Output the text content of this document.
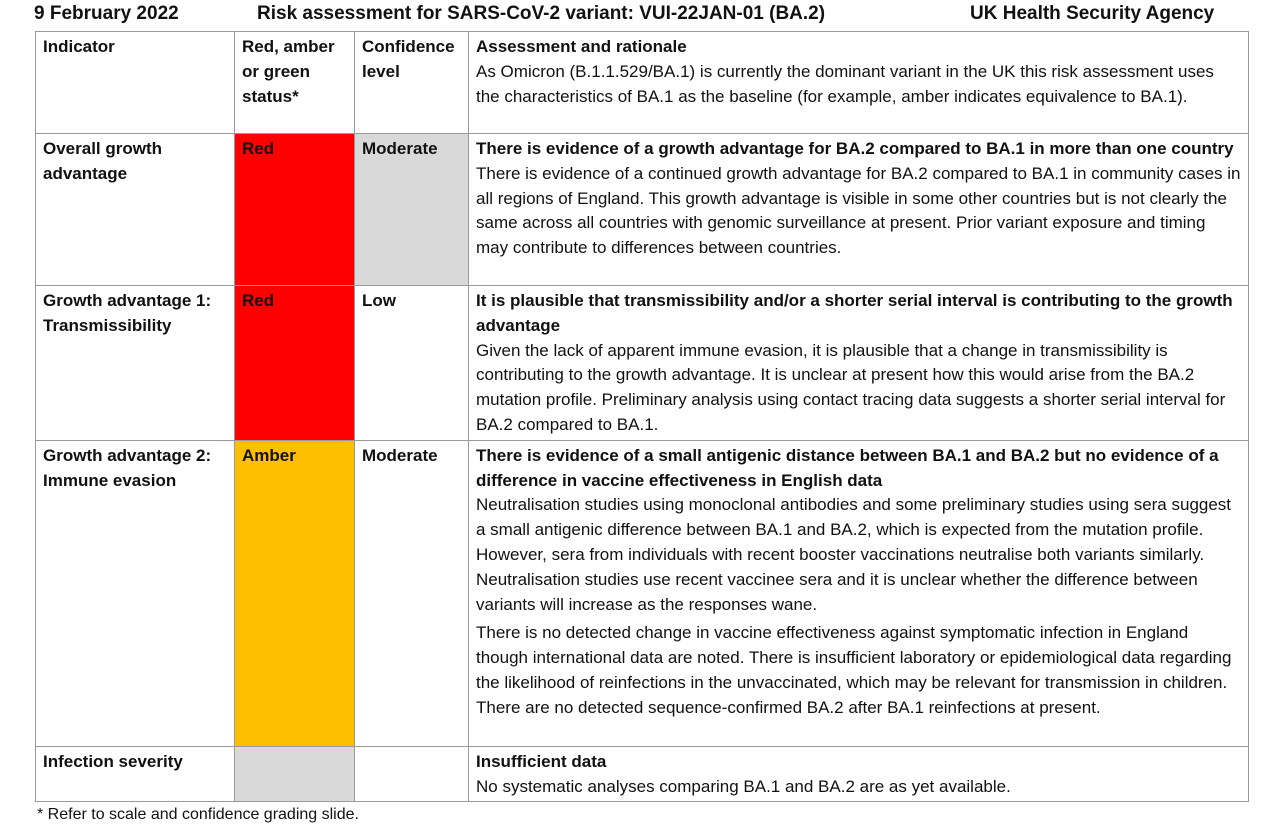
9 February 2022	Risk assessment for SARS-CoV-2 variant: VUI-22JAN-01 (BA.2)	UK Health Security Agency
Indicator	Red, amber or green status*	Confidence level	Assessment and rationale
As Omicron (B.1.1.529/BA.1) is currently the dominant variant in the UK this risk assessment uses the characteristics of BA.1 as the baseline (for example, amber indicates equivalence to BA.1).

Overall growth advantage	Red	Moderate	There is evidence of a growth advantage for BA.2 compared to BA.1 in more than one country
There is evidence of a continued growth advantage for BA.2 compared to BA.1 in community cases in all regions of England. This growth advantage is visible in some other countries but is not clearly the same across all countries with genomic surveillance at present. Prior variant exposure and timing may contribute to differences between countries.

Growth advantage 1: Transmissibility	Red	Low	It is plausible that transmissibility and/or a shorter serial interval is contributing to the growth advantage
Given the lack of apparent immune evasion, it is plausible that a change in transmissibility is contributing to the growth advantage. It is unclear at present how this would arise from the BA.2 mutation profile. Preliminary analysis using contact tracing data suggests a shorter serial interval for BA.2 compared to BA.1.

Growth advantage 2: Immune evasion	Amber	Moderate	There is evidence of a small antigenic distance between BA.1 and BA.2 but no evidence of a difference in vaccine effectiveness in English data
Neutralisation studies using monoclonal antibodies and some preliminary studies using sera suggest a small antigenic difference between BA.1 and BA.2, which is expected from the mutation profile. However, sera from individuals with recent booster vaccinations neutralise both variants similarly. Neutralisation studies use recent vaccinee sera and it is unclear whether the difference between variants will increase as the responses wane.
There is no detected change in vaccine effectiveness against symptomatic infection in England though international data are noted. There is insufficient laboratory or epidemiological data regarding the likelihood of reinfections in the unvaccinated, which may be relevant for transmission in children. There are no detected sequence-confirmed BA.2 after BA.1 reinfections at present.

Infection severity			Insufficient data
No systematic analyses comparing BA.1 and BA.2 are as yet available.
* Refer to scale and confidence grading slide.
